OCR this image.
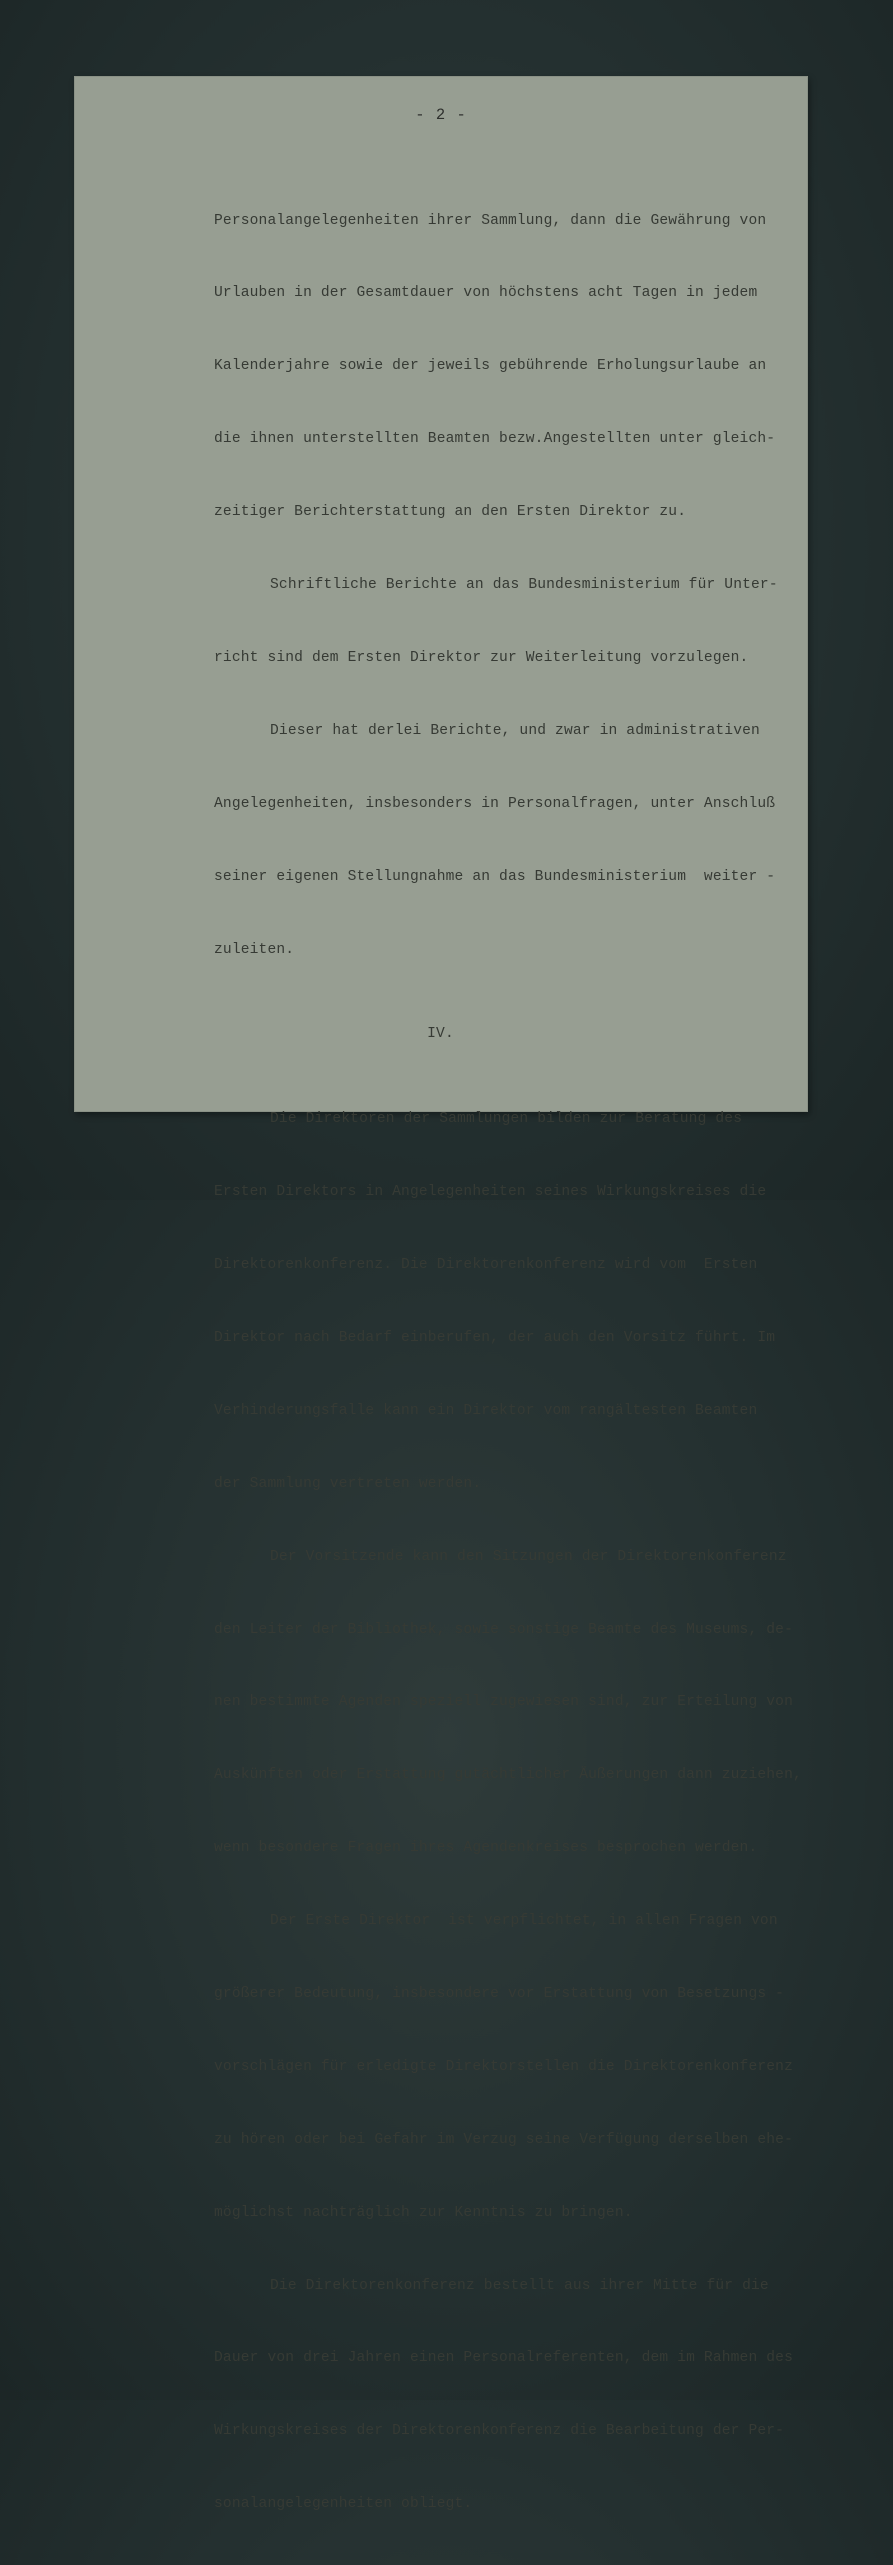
- 2 -

Personalangelegenheiten ihrer Sammlung, dann die Gewährung von

Urlauben in der Gesamtdauer von höchstens acht Tagen in jedem

Kalenderjahre sowie der jeweils gebührende Erholungsurlaube an

die ihnen unterstellten Beamten bezw.Angestellten unter gleich-

zeitiger Berichterstattung an den Ersten Direktor zu.

Schriftliche Berichte an das Bundesministerium für Unter-

richt sind dem Ersten Direktor zur Weiterleitung vorzulegen.

Dieser hat derlei Berichte, und zwar in administrativen

Angelegenheiten, insbesonders in Personalfragen, unter Anschluß

seiner eigenen Stellungnahme an das Bundesministerium  weiter -

zuleiten.

IV.

Die Direktoren der Sammlungen bilden zur Beratung des

Ersten Direktors in Angelegenheiten seines Wirkungskreises die

Direktorenkonferenz. Die Direktorenkonferenz wird vom  Ersten

Direktor nach Bedarf einberufen, der auch den Vorsitz führt. Im

Verhinderungsfalle kann ein Direktor vom rangältesten Beamten

der Sammlung vertreten werden.

Der Vorsitzende kann den Sitzungen der Direktorenkonferenz

den Leiter der Bibliothek, sowie sonstige Beamte des Museums, de-

nen bestimmte Agenden speziell zugewiesen sind, zur Erteilung von

Auskünften oder Erstattung gutächtlicher Äußerungen dann zuziehen,

wenn besondere Fragen ihres Agendenkreises besprochen werden.

Der Erste Direktor  ist verpflichtet, in allen Fragen von

größerer Bedeutung, insbesondere vor Erstattung von Besetzungs -

vorschlägen für erledigte Direktorstellen die Direktorenkonferenz

zu hören oder bei Gefahr im Verzug seine Verfügung derselben ehe-

möglichst nachträglich zur Kenntnis zu bringen.

Die Direktorenkonferenz bestellt aus ihrer Mitte für die

Dauer von drei Jahren einen Personalreferenten, dem im Rahmen des

Wirkungskreises der Direktorenkonferenz die Bearbeitung der Per-

sonalangelegenheiten obliegt.
